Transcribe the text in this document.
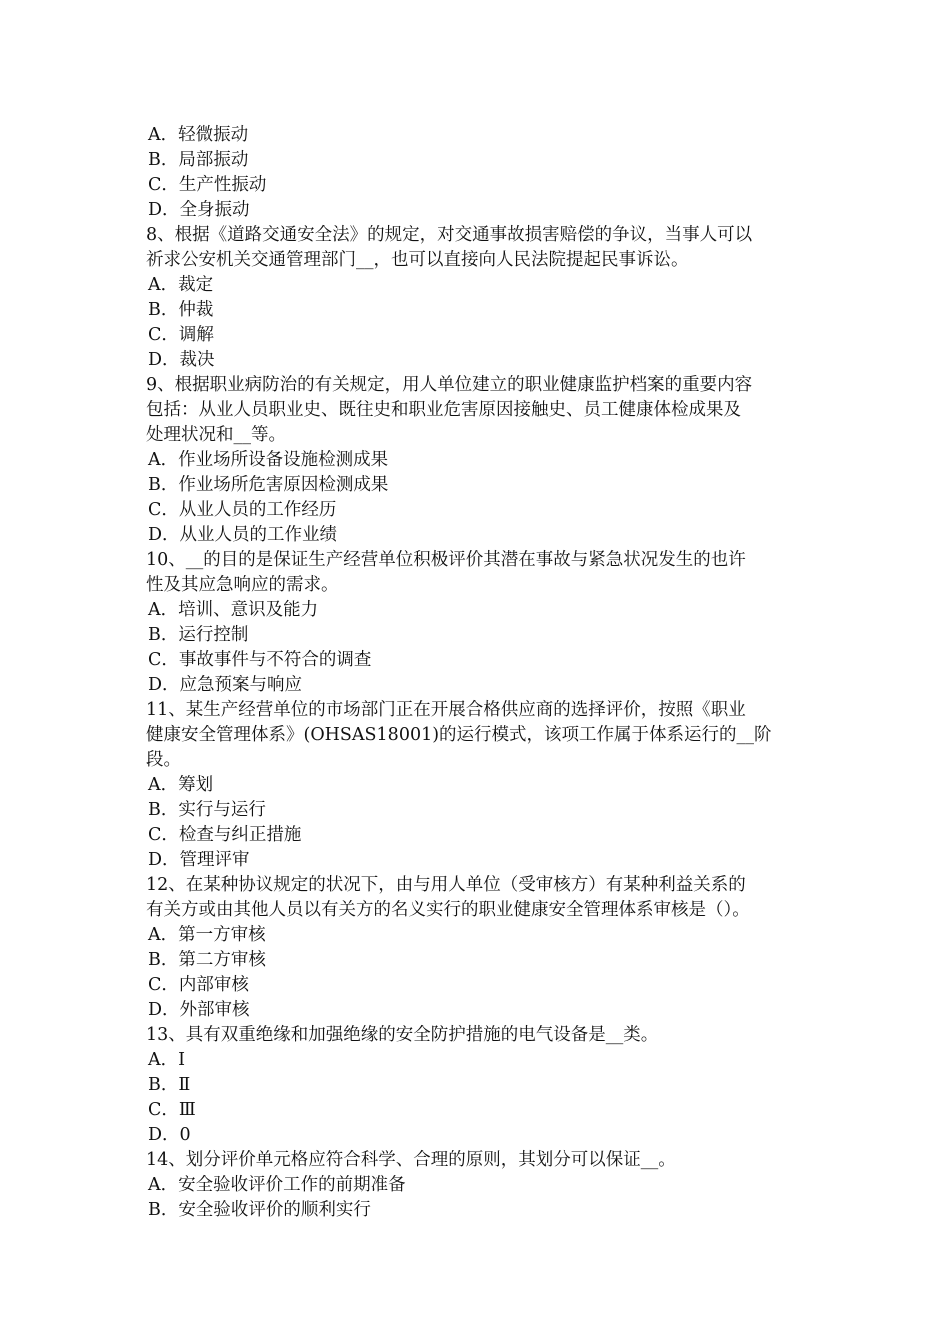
A．轻微振动
B．局部振动
C．生产性振动
D．全身振动
8、根据《道路交通安全法》的规定，对交通事故损害赔偿的争议，当事人可以
祈求公安机关交通管理部门__，也可以直接向人民法院提起民事诉讼。
A．裁定
B．仲裁
C．调解
D．裁决
9、根据职业病防治的有关规定，用人单位建立的职业健康监护档案的重要内容
包括：从业人员职业史、既往史和职业危害原因接触史、员工健康体检成果及
处理状况和__等。
A．作业场所设备设施检测成果
B．作业场所危害原因检测成果
C．从业人员的工作经历
D．从业人员的工作业绩
10、__的目的是保证生产经营单位积极评价其潜在事故与紧急状况发生的也许
性及其应急响应的需求。
A．培训、意识及能力
B．运行控制
C．事故事件与不符合的调查
D．应急预案与响应
11、某生产经营单位的市场部门正在开展合格供应商的选择评价，按照《职业
健康安全管理体系》(OHSAS18001)的运行模式，该项工作属于体系运行的__阶
段。
A．筹划
B．实行与运行
C．检查与纠正措施
D．管理评审
12、在某种协议规定的状况下，由与用人单位（受审核方）有某种利益关系的
有关方或由其他人员以有关方的名义实行的职业健康安全管理体系审核是（）。
A．第一方审核
B．第二方审核
C．内部审核
D．外部审核
13、具有双重绝缘和加强绝缘的安全防护措施的电气设备是__类。
A．Ⅰ
B．Ⅱ
C．Ⅲ
D．0
14、划分评价单元格应符合科学、合理的原则，其划分可以保证__。
A．安全验收评价工作的前期准备
B．安全验收评价的顺利实行
